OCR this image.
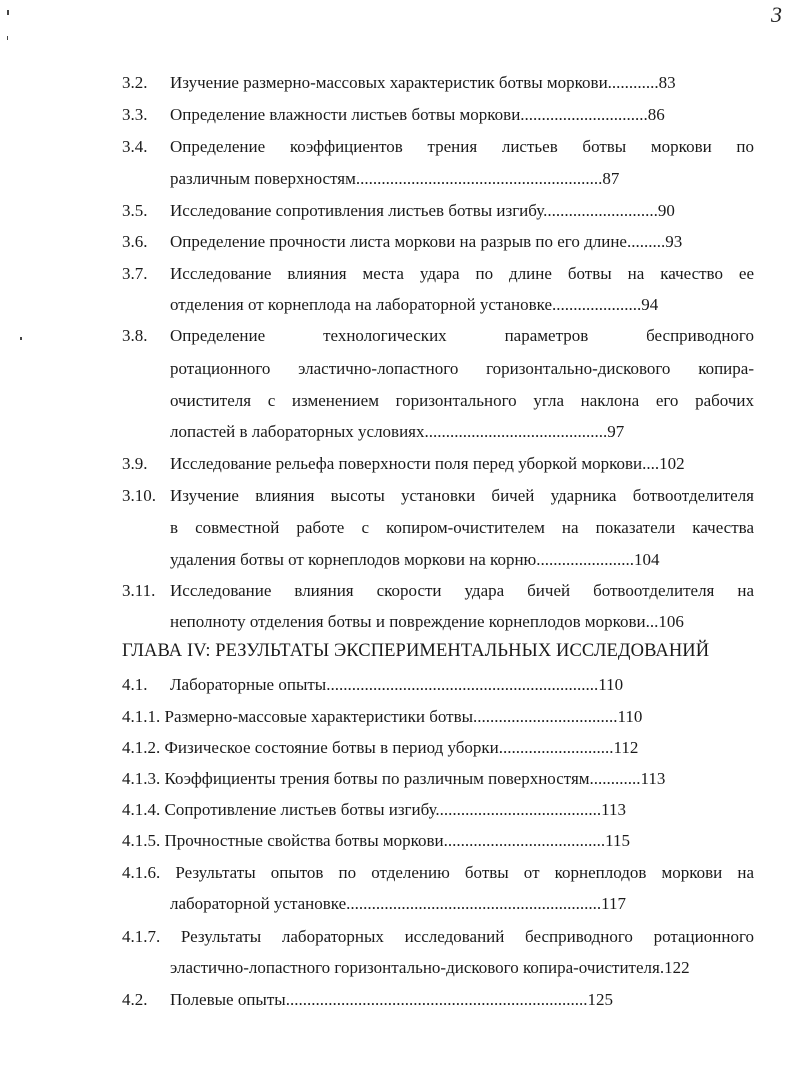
3
3.2. Изучение размерно-массовых характеристик ботвы моркови............83
3.3. Определение влажности листьев ботвы моркови..............................86
3.4. Определение коэффициентов трения листьев ботвы моркови по
различным поверхностям..........................................................87
3.5. Исследование сопротивления листьев ботвы изгибу...........................90
3.6. Определение прочности листа моркови на разрыв по его длине.........93
3.7. Исследование влияния места удара по длине ботвы на качество ее
отделения от корнеплода на лабораторной установке.....................94
3.8. Определение технологических параметров бесприводного
ротационного эластично-лопастного горизонтально-дискового копира-
очистителя с изменением горизонтального угла наклона его рабочих
лопастей в лабораторных условиях...........................................97
3.9. Исследование рельефа поверхности поля перед уборкой моркови....102
3.10. Изучение влияния высоты установки бичей ударника ботвоотделителя
в совместной работе с копиром-очистителем на показатели качества
удаления ботвы от корнеплодов моркови на корню.......................104
3.11. Исследование влияния скорости удара бичей ботвоотделителя на
неполноту отделения ботвы и повреждение корнеплодов моркови...106
ГЛАВА IV: РЕЗУЛЬТАТЫ ЭКСПЕРИМЕНТАЛЬНЫХ ИССЛЕДОВАНИЙ
4.1. Лабораторные опыты................................................................110
4.1.1. Размерно-массовые характеристики ботвы..................................110
4.1.2. Физическое состояние ботвы в период уборки...........................112
4.1.3. Коэффициенты трения ботвы по различным поверхностям............113
4.1.4. Сопротивление листьев ботвы изгибу.......................................113
4.1.5. Прочностные свойства ботвы моркови......................................115
4.1.6. Результаты опытов по отделению ботвы от корнеплодов моркови на
лабораторной установке............................................................117
4.1.7. Результаты лабораторных исследований бесприводного ротационного
эластично-лопастного горизонтально-дискового копира-очистителя.122
4.2. Полевые опыты.......................................................................125
